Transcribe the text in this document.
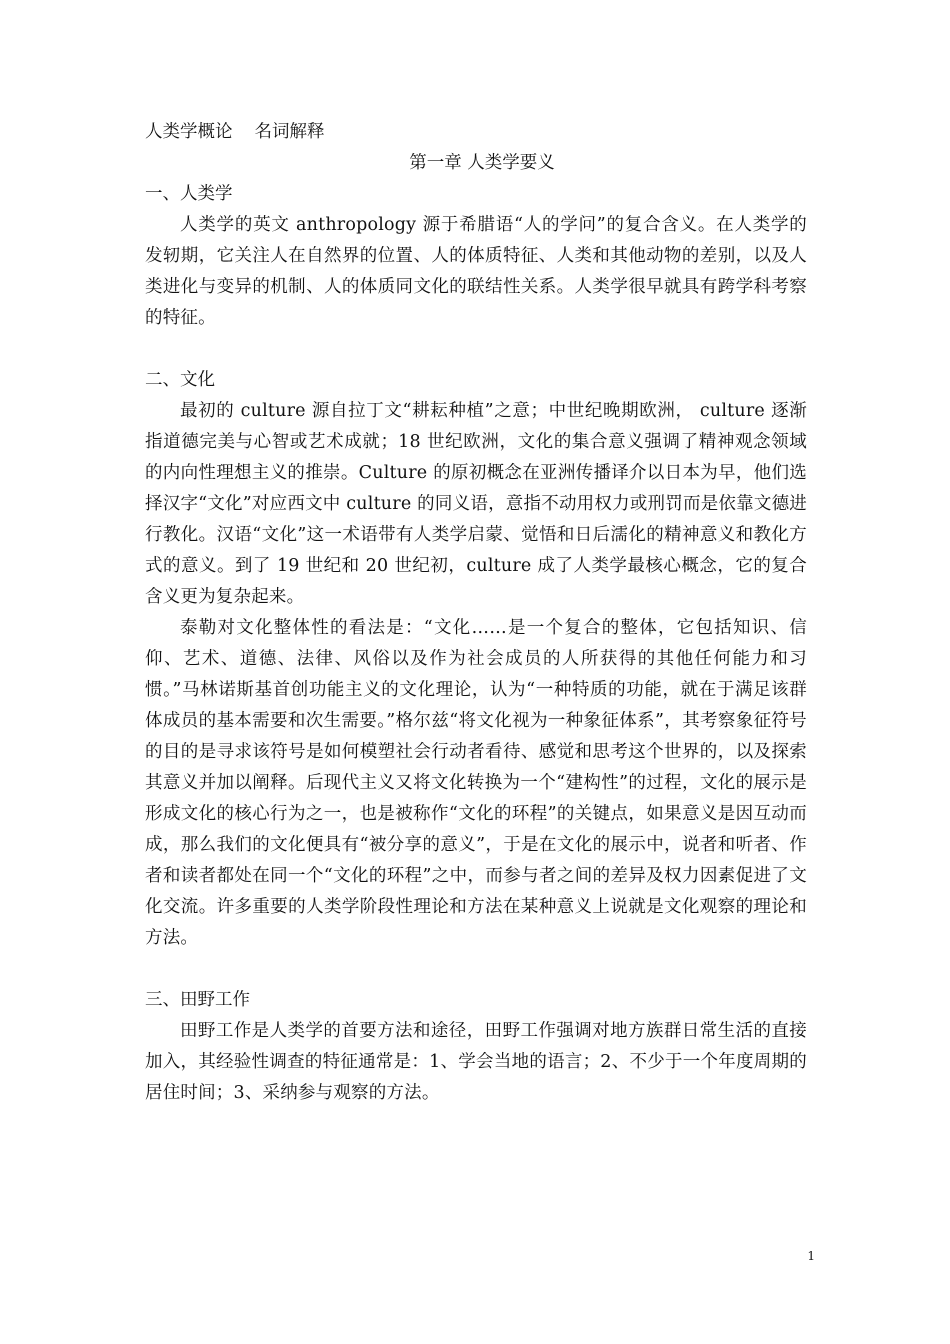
人类学概论 名词解释

第一章 人类学要义
一、人类学

人类学的英文 anthropology 源于希腊语“人的学问”的复合含义。在人类学的发轫期，它关注人在自然界的位置、人的体质特征、人类和其他动物的差别，以及人类进化与变异的机制、人的体质同文化的联结性关系。人类学很早就具有跨学科考察的特征。

二、文化

最初的 culture 源自拉丁文“耕耘种植”之意；中世纪晚期欧洲， culture 逐渐指道德完美与心智或艺术成就；18 世纪欧洲，文化的集合意义强调了精神观念领域的内向性理想主义的推崇。Culture 的原初概念在亚洲传播译介以日本为早，他们选择汉字“文化”对应西文中 culture 的同义语，意指不动用权力或刑罚而是依靠文德进行教化。汉语“文化”这一术语带有人类学启蒙、觉悟和日后濡化的精神意义和教化方式的意义。到了 19 世纪和 20 世纪初，culture 成了人类学最核心概念，它的复合含义更为复杂起来。

泰勒对文化整体性的看法是：“文化……是一个复合的整体，它包括知识、信仰、艺术、道德、法律、风俗以及作为社会成员的人所获得的其他任何能力和习惯。”马林诺斯基首创功能主义的文化理论，认为“一种特质的功能，就在于满足该群体成员的基本需要和次生需要。”格尔兹“将文化视为一种象征体系”，其考察象征符号的目的是寻求该符号是如何模塑社会行动者看待、感觉和思考这个世界的，以及探索其意义并加以阐释。后现代主义又将文化转换为一个“建构性”的过程，文化的展示是形成文化的核心行为之一，也是被称作“文化的环程”的关键点，如果意义是因互动而成，那么我们的文化便具有“被分享的意义”，于是在文化的展示中，说者和听者、作者和读者都处在同一个“文化的环程”之中，而参与者之间的差异及权力因素促进了文化交流。许多重要的人类学阶段性理论和方法在某种意义上说就是文化观察的理论和方法。

三、田野工作

田野工作是人类学的首要方法和途径，田野工作强调对地方族群日常生活的直接加入，其经验性调查的特征通常是：1、学会当地的语言；2、不少于一个年度周期的居住时间；3、采纳参与观察的方法。

1
